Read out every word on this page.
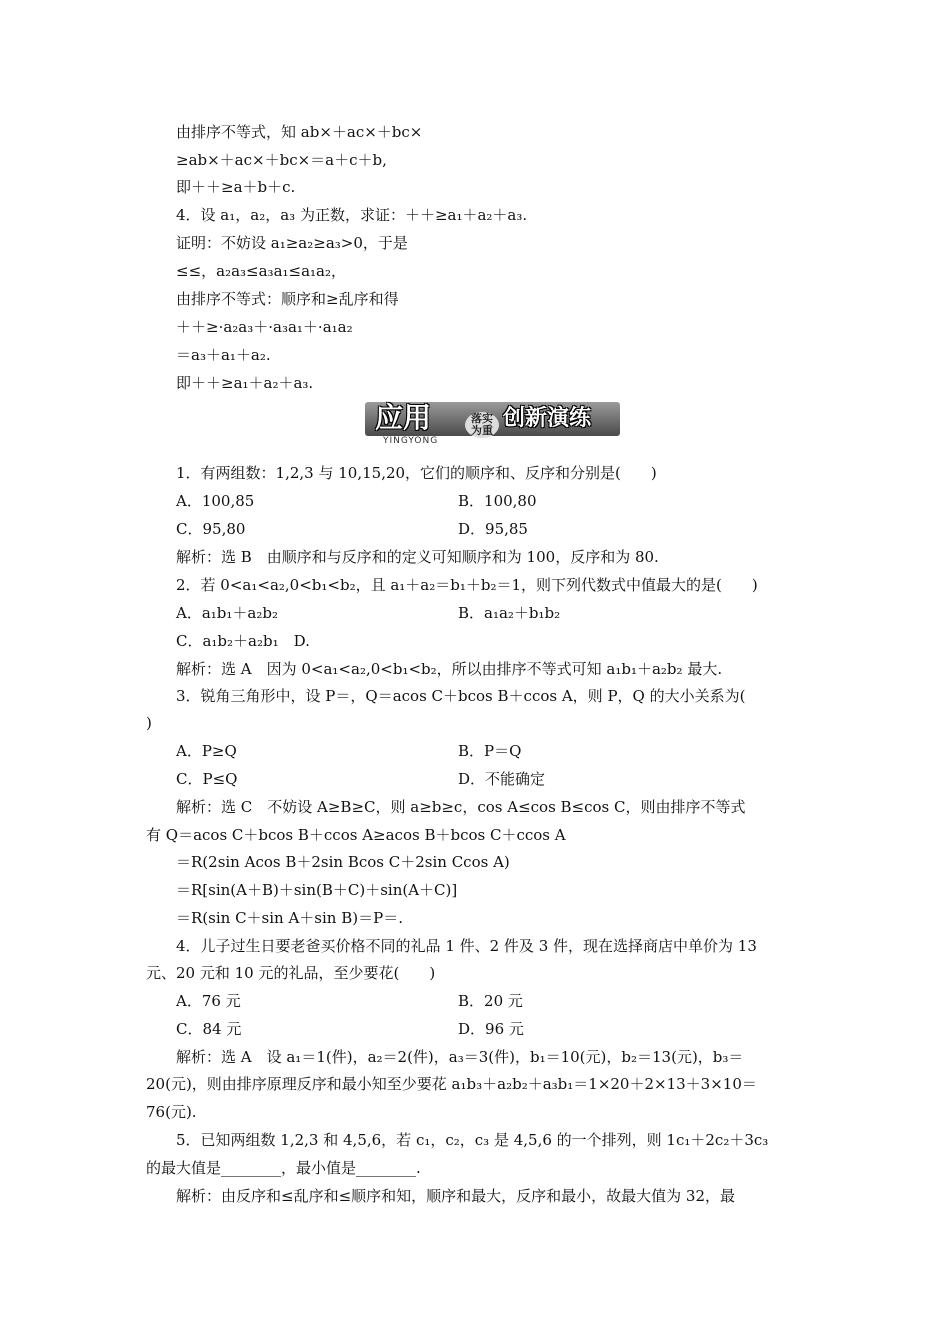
由排序不等式，知 ab×＋ac×＋bc×
≥ab×＋ac×＋bc×＝a＋c＋b,
即＋＋≥a＋b＋c.
4．设 a₁，a₂，a₃ 为正数，求证：＋＋≥a₁＋a₂＋a₃.
证明：不妨设 a₁≥a₂≥a₃>0，于是
≤≤，a₂a₃≤a₃a₁≤a₁a₂，
由排序不等式：顺序和≥乱序和得
＋＋≥·a₂a₃＋·a₃a₁＋·a₁a₂
＝a₃＋a₁＋a₂.
即＋＋≥a₁＋a₂＋a₃.
应用	落实 为重 创新演练
YINGYONG
1．有两组数：1,2,3 与 10,15,20，它们的顺序和、反序和分别是(　　)
A．100,85	B．100,80
C．95,80	D．95,85
解析：选 B　由顺序和与反序和的定义可知顺序和为 100，反序和为 80.
2．若 0<a₁<a₂,0<b₁<b₂，且 a₁＋a₂＝b₁＋b₂＝1，则下列代数式中值最大的是(　　)
A．a₁b₁＋a₂b₂	B．a₁a₂＋b₁b₂
C．a₁b₂＋a₂b₁　D.
解析：选 A　因为 0<a₁<a₂,0<b₁<b₂，所以由排序不等式可知 a₁b₁＋a₂b₂ 最大.
3．锐角三角形中，设 P＝，Q＝acos C＋bcos B＋ccos A，则 P，Q 的大小关系为(
)
A．P≥Q	B．P＝Q
C．P≤Q	D．不能确定
解析：选 C　不妨设 A≥B≥C，则 a≥b≥c，cos A≤cos B≤cos C，则由排序不等式
有 Q＝acos C＋bcos B＋ccos A≥acos B＋bcos C＋ccos A
＝R(2sin Acos B＋2sin Bcos C＋2sin Ccos A)
＝R[sin(A＋B)＋sin(B＋C)＋sin(A＋C)]
＝R(sin C＋sin A＋sin B)＝P＝.
4．儿子过生日要老爸买价格不同的礼品 1 件、2 件及 3 件，现在选择商店中单价为 13
元、20 元和 10 元的礼品，至少要花(　　)
A．76 元	B．20 元
C．84 元	D．96 元
解析：选 A　设 a₁＝1(件)，a₂＝2(件)，a₃＝3(件)，b₁＝10(元)，b₂＝13(元)，b₃＝
20(元)，则由排序原理反序和最小知至少要花 a₁b₃＋a₂b₂＋a₃b₁＝1×20＋2×13＋3×10＝
76(元).
5．已知两组数 1,2,3 和 4,5,6，若 c₁，c₂，c₃ 是 4,5,6 的一个排列，则 1c₁＋2c₂＋3c₃
的最大值是________，最小值是________.
解析：由反序和≤乱序和≤顺序和知，顺序和最大，反序和最小，故最大值为 32，最
